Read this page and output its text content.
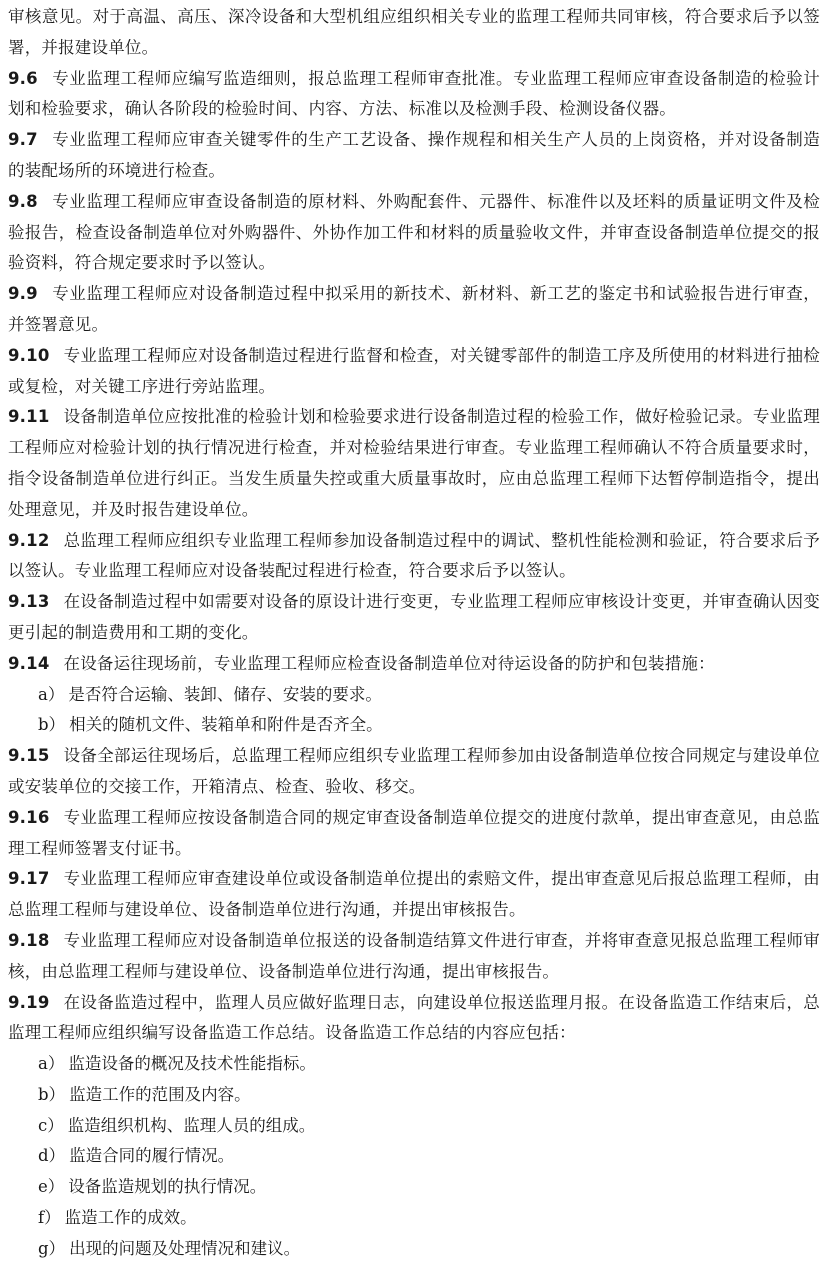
审核意见。对于高温、高压、深冷设备和大型机组应组织相关专业的监理工程师共同审核，符合要求后予以签署，并报建设单位。

9.6 专业监理工程师应编写监造细则，报总监理工程师审查批准。专业监理工程师应审查设备制造的检验计划和检验要求，确认各阶段的检验时间、内容、方法、标准以及检测手段、检测设备仪器。

9.7 专业监理工程师应审查关键零件的生产工艺设备、操作规程和相关生产人员的上岗资格，并对设备制造的装配场所的环境进行检查。

9.8 专业监理工程师应审查设备制造的原材料、外购配套件、元器件、标准件以及坯料的质量证明文件及检验报告，检查设备制造单位对外购器件、外协作加工件和材料的质量验收文件，并审查设备制造单位提交的报验资料，符合规定要求时予以签认。

9.9 专业监理工程师应对设备制造过程中拟采用的新技术、新材料、新工艺的鉴定书和试验报告进行审查，并签署意见。

9.10 专业监理工程师应对设备制造过程进行监督和检查，对关键零部件的制造工序及所使用的材料进行抽检或复检，对关键工序进行旁站监理。

9.11 设备制造单位应按批准的检验计划和检验要求进行设备制造过程的检验工作，做好检验记录。专业监理工程师应对检验计划的执行情况进行检查，并对检验结果进行审查。专业监理工程师确认不符合质量要求时，指令设备制造单位进行纠正。当发生质量失控或重大质量事故时，应由总监理工程师下达暂停制造指令，提出处理意见，并及时报告建设单位。

9.12 总监理工程师应组织专业监理工程师参加设备制造过程中的调试、整机性能检测和验证，符合要求后予以签认。专业监理工程师应对设备装配过程进行检查，符合要求后予以签认。

9.13 在设备制造过程中如需要对设备的原设计进行变更，专业监理工程师应审核设计变更，并审查确认因变更引起的制造费用和工期的变化。

9.14 在设备运往现场前，专业监理工程师应检查设备制造单位对待运设备的防护和包装措施：

a） 是否符合运输、装卸、储存、安装的要求。

b） 相关的随机文件、装箱单和附件是否齐全。

9.15 设备全部运往现场后，总监理工程师应组织专业监理工程师参加由设备制造单位按合同规定与建设单位或安装单位的交接工作，开箱清点、检查、验收、移交。

9.16 专业监理工程师应按设备制造合同的规定审查设备制造单位提交的进度付款单，提出审查意见，由总监理工程师签署支付证书。

9.17 专业监理工程师应审查建设单位或设备制造单位提出的索赔文件，提出审查意见后报总监理工程师，由总监理工程师与建设单位、设备制造单位进行沟通，并提出审核报告。

9.18 专业监理工程师应对设备制造单位报送的设备制造结算文件进行审查，并将审查意见报总监理工程师审核，由总监理工程师与建设单位、设备制造单位进行沟通，提出审核报告。

9.19 在设备监造过程中，监理人员应做好监理日志，向建设单位报送监理月报。在设备监造工作结束后，总监理工程师应组织编写设备监造工作总结。设备监造工作总结的内容应包括：

a） 监造设备的概况及技术性能指标。

b） 监造工作的范围及内容。

c） 监造组织机构、监理人员的组成。

d） 监造合同的履行情况。

e） 设备监造规划的执行情况。

f） 监造工作的成效。

g） 出现的问题及处理情况和建议。
